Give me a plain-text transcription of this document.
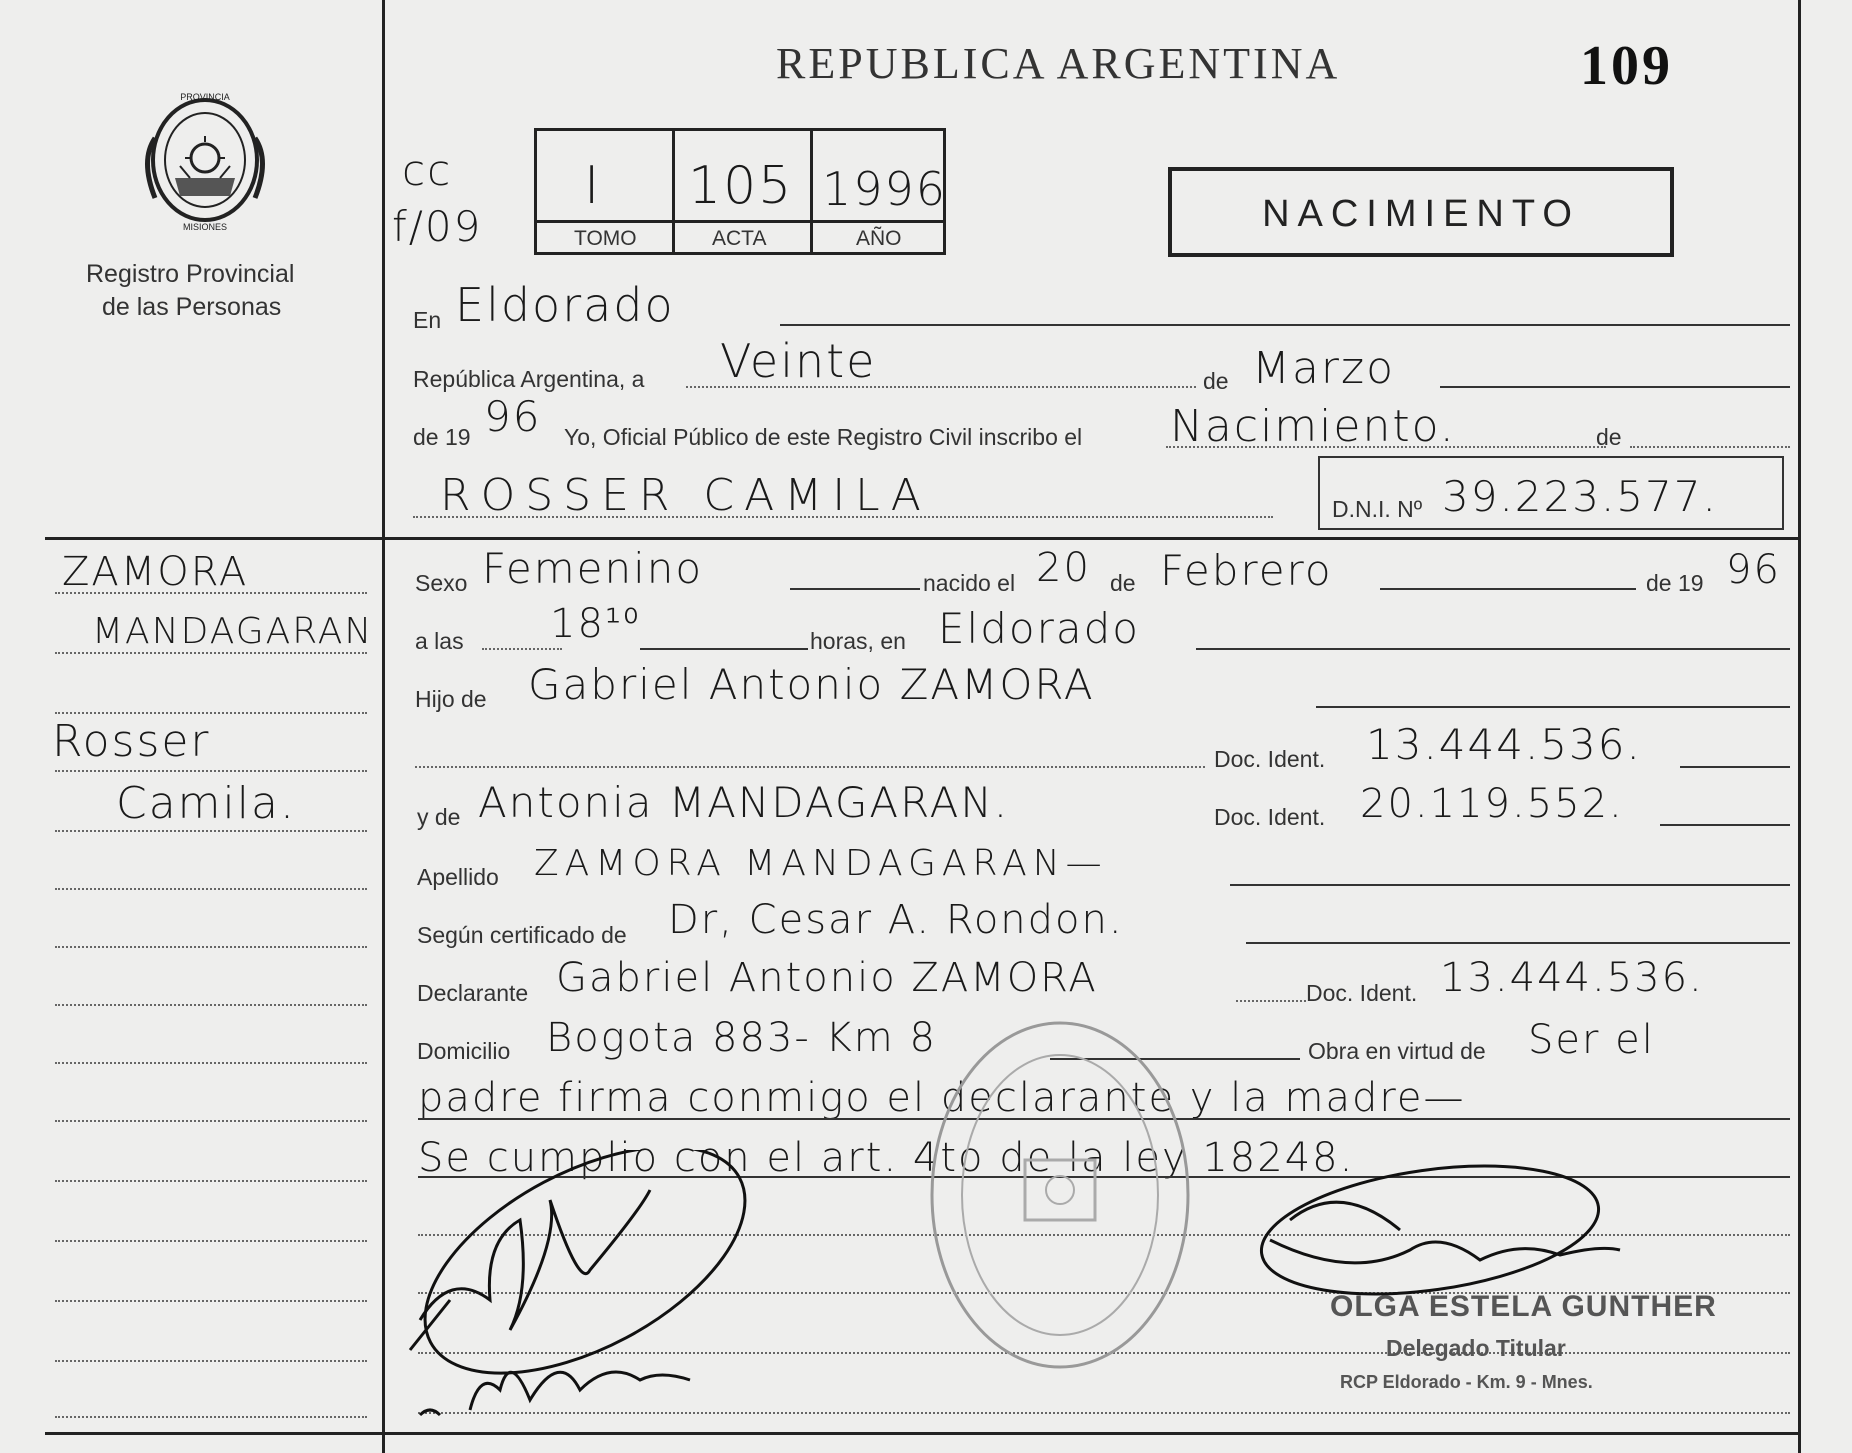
PROVINCIA
MISIONES
Registro Provincial
de las Personas
REPUBLICA ARGENTINA	109
cc
f/09
I 105 1996
TOMO	ACTA	AÑO
NACIMIENTO
En Eldorado
República Argentina, a Veinte	de Marzo
de 19 96 Yo, Oficial Público de este Registro Civil inscribo el Nacimiento.	de
ROSSER CAMILA	D.N.I. Nº 39.223.577.
Sexo Femenino	nacido el 20 de Febrero	de 19 96
a las 18¹⁰	horas, en Eldorado
Hijo de Gabriel Antonio ZAMORA
Doc. Ident. 13.444.536.
y de Antonia MANDAGARAN.	Doc. Ident. 20.119.552.
Apellido ZAMORA MANDAGARAN—
Según certificado de Dr, Cesar A. Rondon.
Declarante Gabriel Antonio ZAMORA	Doc. Ident. 13.444.536.
Domicilio Bogota 883- Km 8	Obra en virtud de Ser el
padre firma conmigo el declarante y la madre—
Se cumplio con el art. 4to de la ley 18248.
ZAMORA
MANDAGARAN
Rosser
Camila.
OLGA ESTELA GUNTHER
Delegado Titular
RCP Eldorado - Km. 9 - Mnes.
